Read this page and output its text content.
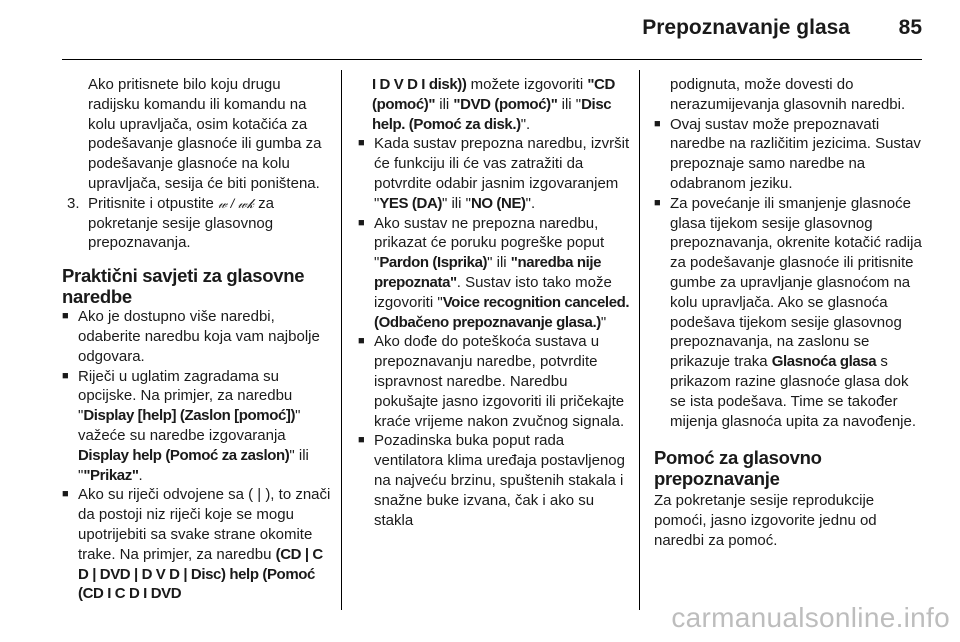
Prepoznavanje glasa 85

Ako pritisnete bilo koju drugu radijsku komandu ili komandu na kolu upravljača, osim kotačića za podešavanje glasnoće ili gumba za podešavanje glasnoće na kolu upravljača, sesija će biti poništena.

3. Pritisnite i otpustite 𝓌 / 𝓌𝓀 za pokretanje sesije glasovnog prepoznavanja.

Praktični savjeti za glasovne naredbe

■ Ako je dostupno više naredbi, odaberite naredbu koja vam najbolje odgovara.

■ Riječi u uglatim zagradama su opcijske. Na primjer, za naredbu "Display [help] (Zaslon [pomoć])" važeće su naredbe izgovaranja Display help (Pomoć za zaslon)" ili ""Prikaz".

■ Ako su riječi odvojene sa ( | ), to znači da postoji niz riječi koje se mogu upotrijebiti sa svake strane okomite trake. Na primjer, za naredbu (CD | C D | DVD | D V D | Disc) help (Pomoć (CD I C D I DVD

I D V D I disk)) možete izgovoriti "CD (pomoć)" ili "DVD (pomoć)" ili "Disc help. (Pomoć za disk.)".

■ Kada sustav prepozna naredbu, izvršit će funkciju ili će vas zatražiti da potvrdite odabir jasnim izgovaranjem "YES (DA)" ili "NO (NE)".

■ Ako sustav ne prepozna naredbu, prikazat će poruku pogreške poput "Pardon (Isprika)" ili "naredba nije prepoznata". Sustav isto tako može izgovoriti "Voice recognition canceled. (Odbačeno prepoznavanje glasa.)"

■ Ako dođe do poteškoća sustava u prepoznavanju naredbe, potvrdite ispravnost naredbe. Naredbu pokušajte jasno izgovoriti ili pričekajte kraće vrijeme nakon zvučnog signala.

■ Pozadinska buka poput rada ventilatora klima uređaja postavljenog na najveću brzinu, spuštenih stakala i snažne buke izvana, čak i ako su stakla

podignuta, može dovesti do nerazumijevanja glasovnih naredbi.

■ Ovaj sustav može prepoznavati naredbe na različitim jezicima. Sustav prepoznaje samo naredbe na odabranom jeziku.

■ Za povećanje ili smanjenje glasnoće glasa tijekom sesije glasovnog prepoznavanja, okrenite kotačić radija za podešavanje glasnoće ili pritisnite gumbe za upravljanje glasnoćom na kolu upravljača. Ako se glasnoća podešava tijekom sesije glasovnog prepoznavanja, na zaslonu se prikazuje traka Glasnoća glasa s prikazom razine glasnoće glasa dok se ista podešava. Time se također mijenja glasnoća upita za navođenje.

Pomoć za glasovno prepoznavanje

Za pokretanje sesije reprodukcije pomoći, jasno izgovorite jednu od naredbi za pomoć.

carmanualsonline.info
